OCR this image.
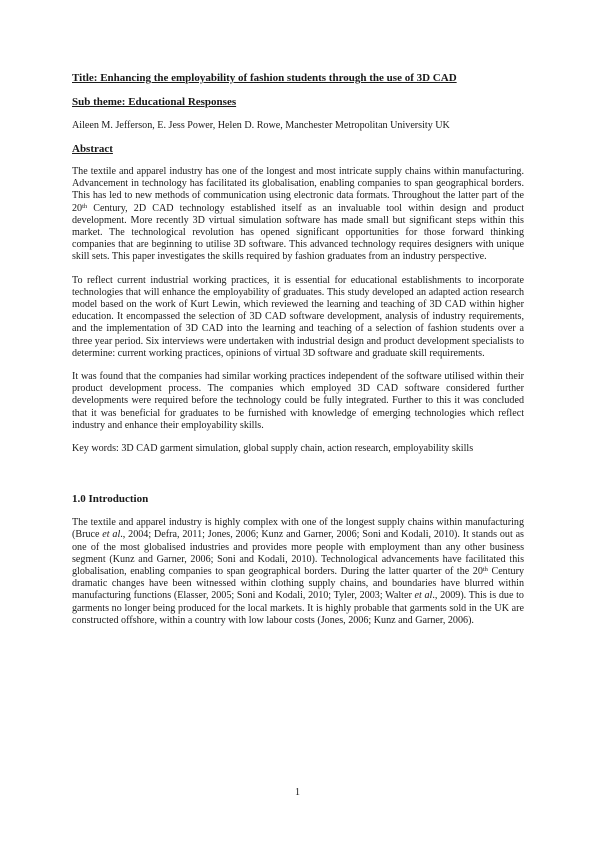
Title: Enhancing the employability of fashion students through the use of 3D CAD

Sub theme: Educational Responses

Aileen M. Jefferson, E. Jess Power, Helen D. Rowe, Manchester Metropolitan University UK

Abstract

The textile and apparel industry has one of the longest and most intricate supply chains within manufacturing. Advancement in technology has facilitated its globalisation, enabling companies to span geographical borders. This has led to new methods of communication using electronic data formats. Throughout the latter part of the 20th Century, 2D CAD technology established itself as an invaluable tool within design and product development. More recently 3D virtual simulation software has made small but significant steps within this market. The technological revolution has opened significant opportunities for those forward thinking companies that are beginning to utilise 3D software. This advanced technology requires designers with unique skill sets. This paper investigates the skills required by fashion graduates from an industry perspective.

To reflect current industrial working practices, it is essential for educational establishments to incorporate technologies that will enhance the employability of graduates. This study developed an adapted action research model based on the work of Kurt Lewin, which reviewed the learning and teaching of 3D CAD within higher education. It encompassed the selection of 3D CAD software development, analysis of industry requirements, and the implementation of 3D CAD into the learning and teaching of a selection of fashion students over a three year period. Six interviews were undertaken with industrial design and product development specialists to determine: current working practices, opinions of virtual 3D software and graduate skill requirements.

It was found that the companies had similar working practices independent of the software utilised within their product development process. The companies which employed 3D CAD software considered further developments were required before the technology could be fully integrated. Further to this it was concluded that it was beneficial for graduates to be furnished with knowledge of emerging technologies which reflect industry and enhance their employability skills.

Key words: 3D CAD garment simulation, global supply chain, action research, employability skills

1.0 Introduction

The textile and apparel industry is highly complex with one of the longest supply chains within manufacturing (Bruce et al., 2004; Defra, 2011; Jones, 2006; Kunz and Garner, 2006; Soni and Kodali, 2010). It stands out as one of the most globalised industries and provides more people with employment than any other business segment (Kunz and Garner, 2006; Soni and Kodali, 2010). Technological advancements have facilitated this globalisation, enabling companies to span geographical borders. During the latter quarter of the 20th Century dramatic changes have been witnessed within clothing supply chains, and boundaries have blurred within manufacturing functions (Elasser, 2005; Soni and Kodali, 2010; Tyler, 2003; Walter et al., 2009). This is due to garments no longer being produced for the local markets. It is highly probable that garments sold in the UK are constructed offshore, within a country with low labour costs (Jones, 2006; Kunz and Garner, 2006).

1
